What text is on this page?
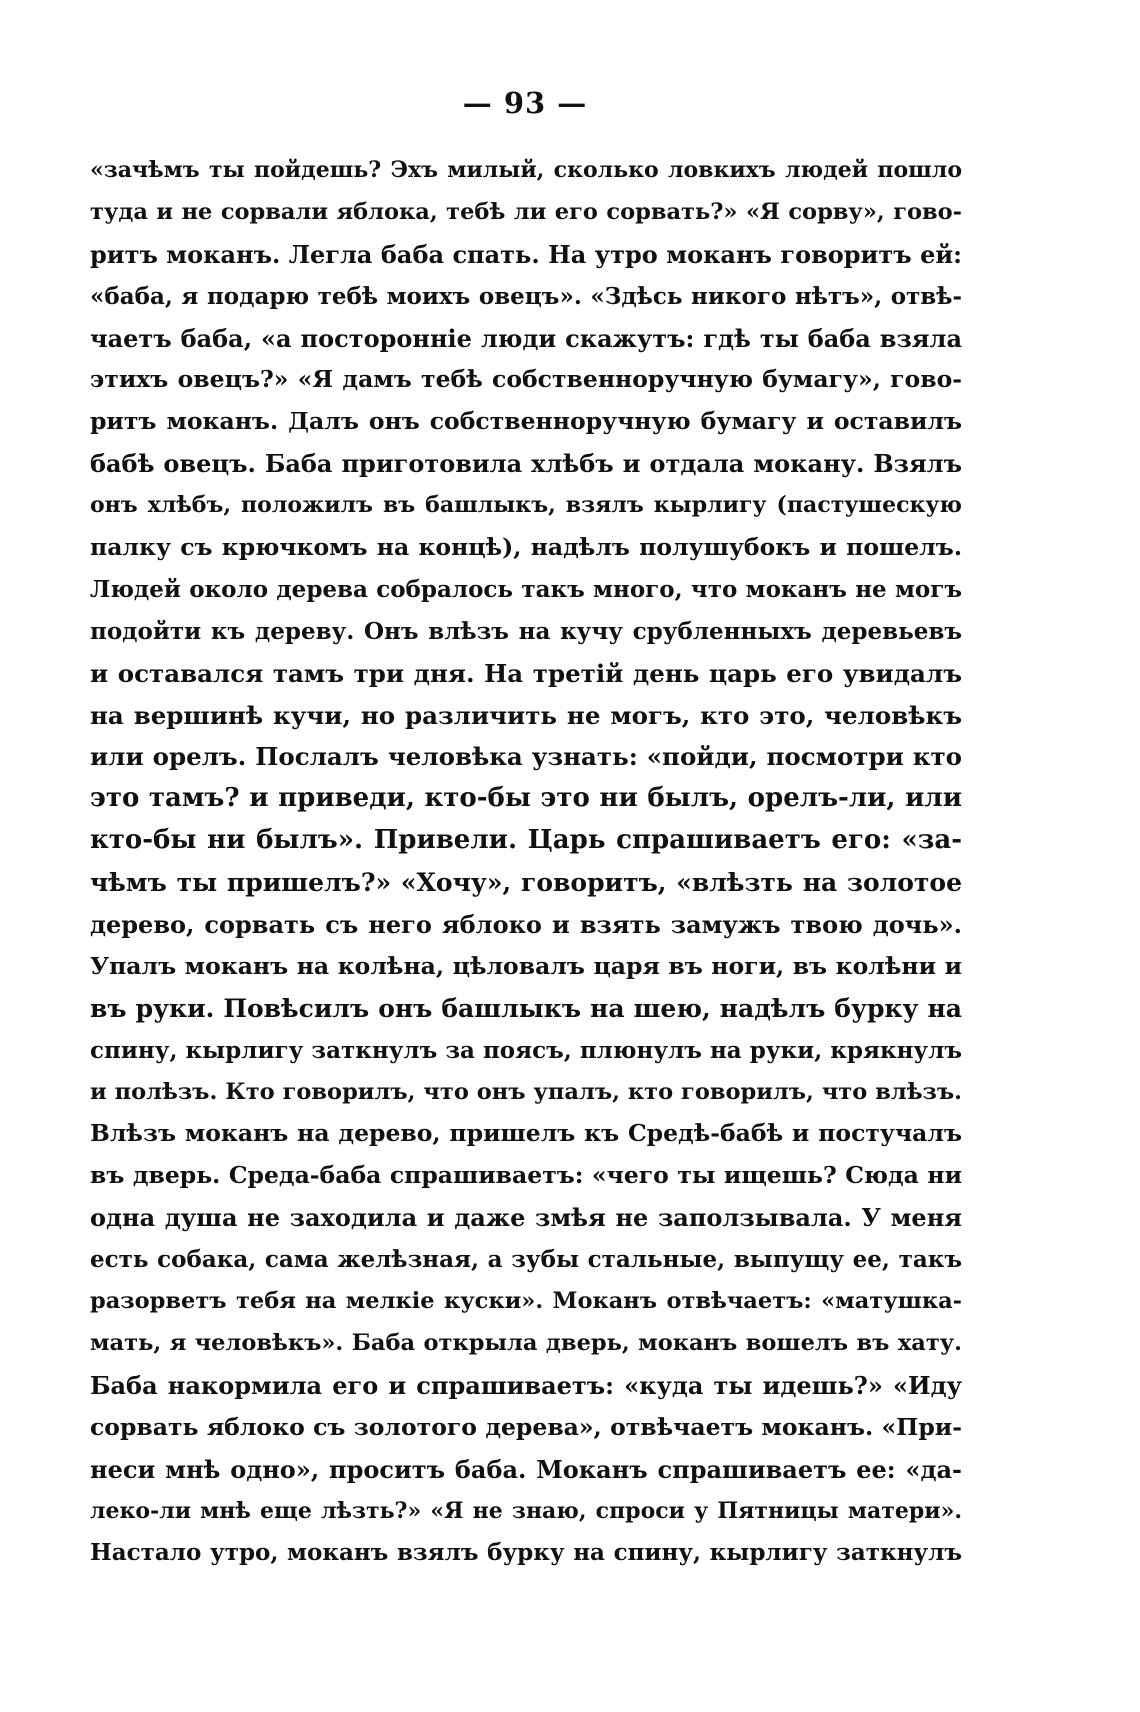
— 93 —
«зачѣмъ ты пойдешь? Эхъ милый, сколько ловкихъ людей пошло
туда и не сорвали яблока, тебѣ ли его сорвать?» «Я сорву», гово-
ритъ моканъ. Легла баба спать. На утро моканъ говоритъ ей:
«баба, я подарю тебѣ моихъ овецъ». «Здѣсь никого нѣтъ», отвѣ-
чаетъ баба, «а посторонніе люди скажутъ: гдѣ ты баба взяла
этихъ овецъ?» «Я дамъ тебѣ собственноручную бумагу», гово-
ритъ моканъ. Далъ онъ собственноручную бумагу и оставилъ
бабѣ овецъ. Баба приготовила хлѣбъ и отдала мокану. Взялъ
онъ хлѣбъ, положилъ въ башлыкъ, взялъ кырлигу (пастушескую
палку съ крючкомъ на концѣ), надѣлъ полушубокъ и пошелъ.
Людей около дерева собралось такъ много, что моканъ не могъ
подойти къ дереву. Онъ влѣзъ на кучу срубленныхъ деревьевъ
и оставался тамъ три дня. На третій день царь его увидалъ
на вершинѣ кучи, но различить не могъ, кто это, человѣкъ
или орелъ. Послалъ человѣка узнать: «пойди, посмотри кто
это тамъ? и приведи, кто-бы это ни былъ, орелъ-ли, или
кто-бы ни былъ». Привели. Царь спрашиваетъ его: «за-
чѣмъ ты пришелъ?» «Хочу», говоритъ, «влѣзть на золотое
дерево, сорвать съ него яблоко и взять замужъ твою дочь».
Упалъ моканъ на колѣна, цѣловалъ царя въ ноги, въ колѣни и
въ руки. Повѣсилъ онъ башлыкъ на шею, надѣлъ бурку на
спину, кырлигу заткнулъ за поясъ, плюнулъ на руки, крякнулъ
и полѣзъ. Кто говорилъ, что онъ упалъ, кто говорилъ, что влѣзъ.
Влѣзъ моканъ на дерево, пришелъ къ Средѣ-бабѣ и постучалъ
въ дверь. Среда-баба спрашиваетъ: «чего ты ищешь? Сюда ни
одна душа не заходила и даже змѣя не заползывала. У меня
есть собака, сама желѣзная, а зубы стальные, выпущу ее, такъ
разорветъ тебя на мелкіе куски». Моканъ отвѣчаетъ: «матушка-
мать, я человѣкъ». Баба открыла дверь, моканъ вошелъ въ хату.
Баба накормила его и спрашиваетъ: «куда ты идешь?» «Иду
сорвать яблоко съ золотого дерева», отвѣчаетъ моканъ. «При-
неси мнѣ одно», проситъ баба. Моканъ спрашиваетъ ее: «да-
леко-ли мнѣ еще лѣзть?» «Я не знаю, спроси у Пятницы матери».
Настало утро, моканъ взялъ бурку на спину, кырлигу заткнулъ
